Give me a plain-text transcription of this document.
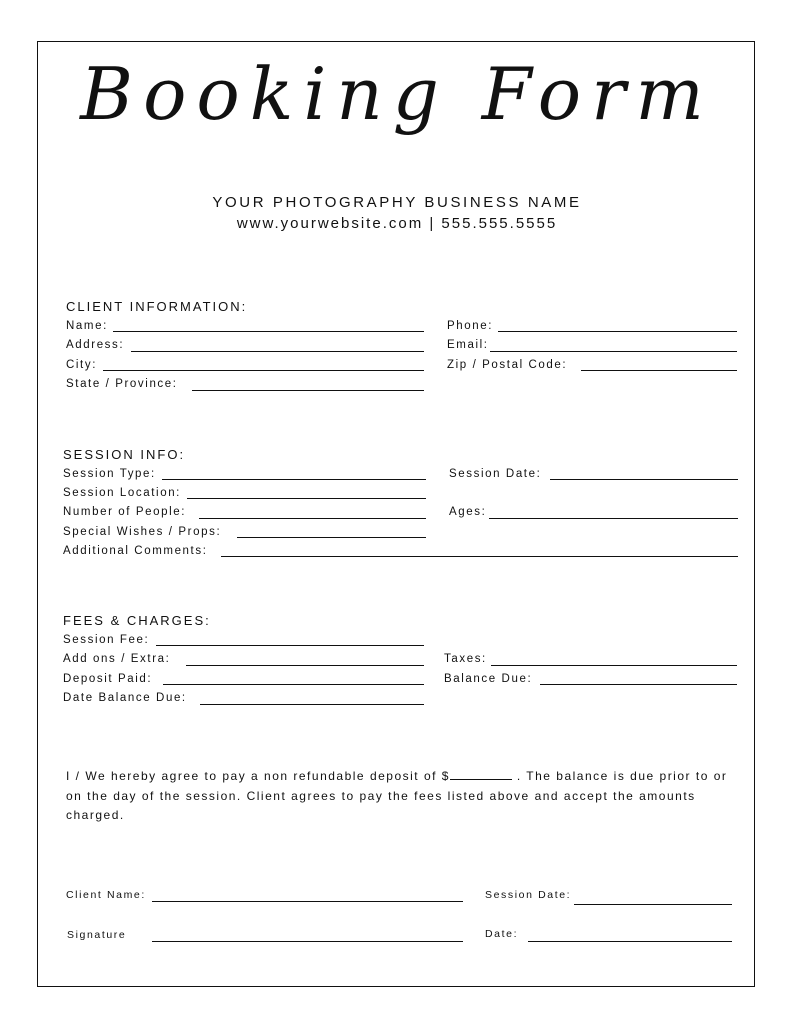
Booking Form
YOUR PHOTOGRAPHY BUSINESS NAME
www.yourwebsite.com | 555.555.5555
CLIENT INFORMATION:
Name:
Address:
City:
State / Province:
Phone:
Email:
Zip / Postal Code:
SESSION INFO:
Session Type:
Session Location:
Number of People:
Special Wishes / Props:
Additional Comments:
Session Date:
Ages:
FEES & CHARGES:
Session Fee:
Add ons / Extra:
Deposit Paid:
Date Balance Due:
Taxes:
Balance Due:
I / We hereby agree to pay a non refundable deposit of $	. The balance is due prior to or on the day of the session. Client agrees to pay the fees listed above and accept the amounts charged.
Client Name:
Signature
Session Date:
Date:
